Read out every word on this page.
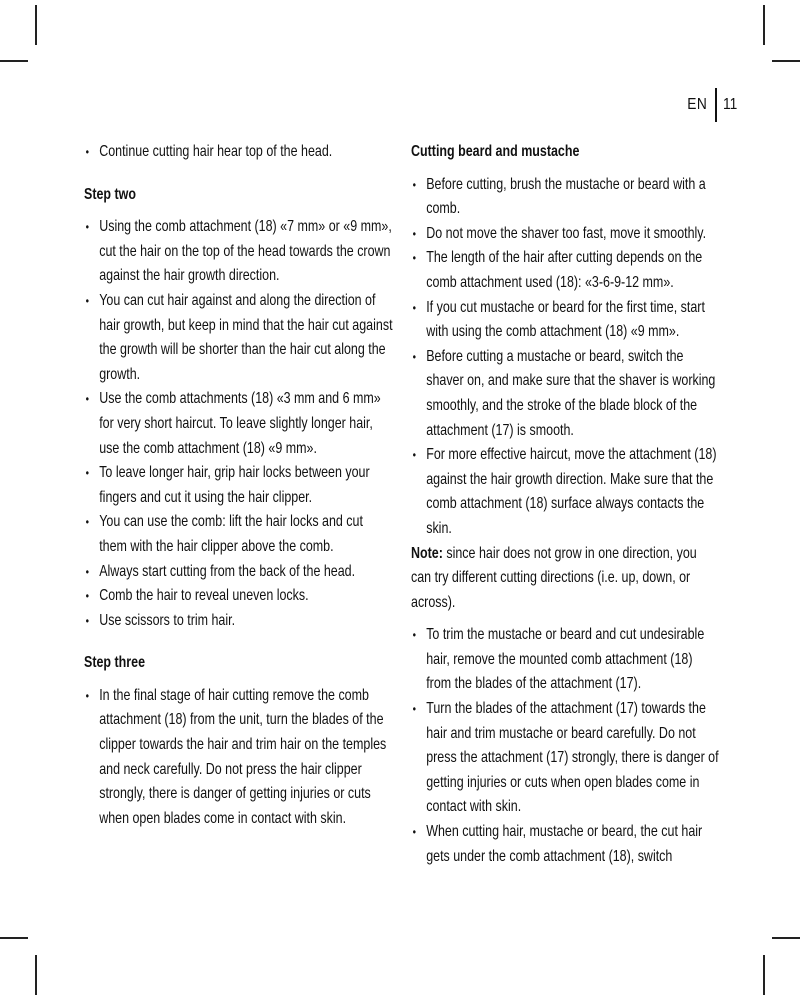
EN 11
• Continue cutting hair hear top of the head.
Step two
• Using the comb attachment (18) «7 mm» or «9 mm», cut the hair on the top of the head towards the crown against the hair growth direction.
• You can cut hair against and along the direction of hair growth, but keep in mind that the hair cut against the growth will be shorter than the hair cut along the growth.
• Use the comb attachments (18) «3 mm and 6 mm» for very short haircut. To leave slightly longer hair, use the comb attachment (18) «9 mm».
• To leave longer hair, grip hair locks between your fingers and cut it using the hair clipper.
• You can use the comb: lift the hair locks and cut them with the hair clipper above the comb.
• Always start cutting from the back of the head.
• Comb the hair to reveal uneven locks.
• Use scissors to trim hair.
Step three
• In the final stage of hair cutting remove the comb attachment (18) from the unit, turn the blades of the clipper towards the hair and trim hair on the temples and neck carefully. Do not press the hair clipper strongly, there is danger of getting injuries or cuts when open blades come in contact with skin.
Cutting beard and mustache
• Before cutting, brush the mustache or beard with a comb.
• Do not move the shaver too fast, move it smoothly.
• The length of the hair after cutting depends on the comb attachment used (18): «3-6-9-12 mm».
• If you cut mustache or beard for the first time, start with using the comb attachment (18) «9 mm».
• Before cutting a mustache or beard, switch the shaver on, and make sure that the shaver is working smoothly, and the stroke of the blade block of the attachment (17) is smooth.
• For more effective haircut, move the attachment (18) against the hair growth direction. Make sure that the comb attachment (18) surface always contacts the skin.
Note: since hair does not grow in one direction, you can try different cutting directions (i.e. up, down, or across).
• To trim the mustache or beard and cut undesirable hair, remove the mounted comb attachment (18) from the blades of the attachment (17).
• Turn the blades of the attachment (17) towards the hair and trim mustache or beard carefully. Do not press the attachment (17) strongly, there is danger of getting injuries or cuts when open blades come in contact with skin.
• When cutting hair, mustache or beard, the cut hair gets under the comb attachment (18), switch
